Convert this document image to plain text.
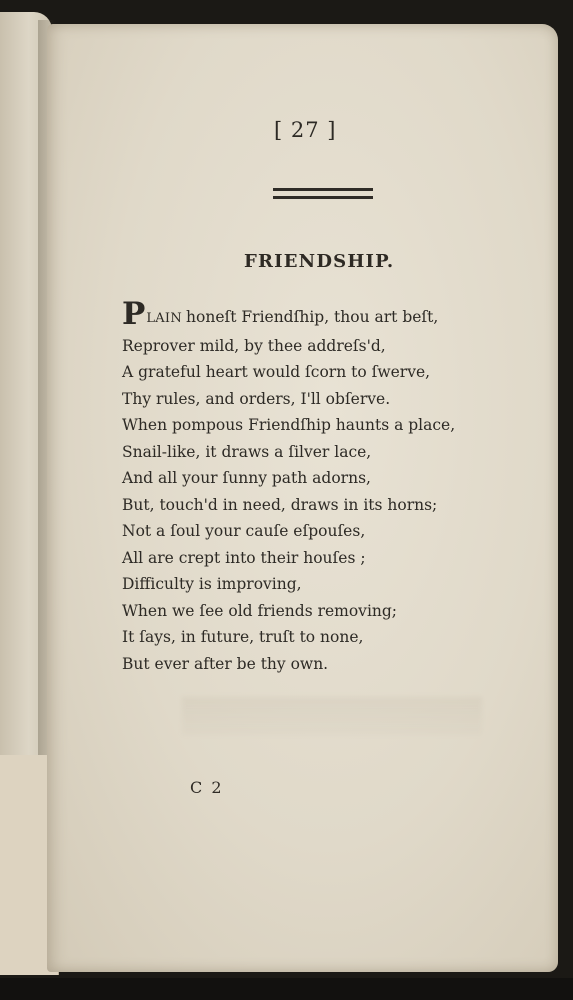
[ 27 ]
FRIENDSHIP.
PLAIN honeſt Friendſhip, thou art beſt,
Reprover mild, by thee addreſs'd,
A grateful heart would ſcorn to ſwerve,
Thy rules, and orders, I'll obſerve.
When pompous Friendſhip haunts a place,
Snail-like, it draws a ſilver lace,
And all your ſunny path adorns,
But, touch'd in need, draws in its horns;
Not a ſoul your cauſe eſpouſes,
All are crept into their houſes ;
Difficulty is improving,
When we ſee old friends removing;
It ſays, in future, truſt to none,
But ever after be thy own.
C 2
